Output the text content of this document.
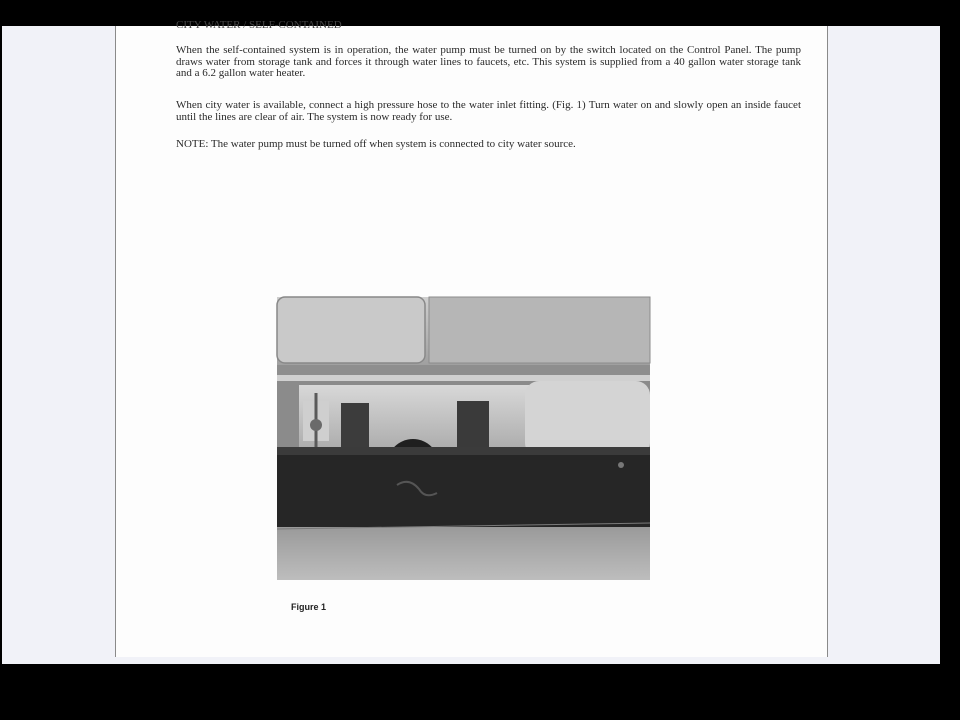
CITY WATER / SELF-CONTAINED

When the self-contained system is in operation, the water pump must be turned on by the switch located on the Control Panel. The pump draws water from storage tank and forces it through water lines to faucets, etc. This system is supplied from a 40 gallon water storage tank and a 6.2 gallon water heater.

When city water is available, connect a high pressure hose to the water inlet fitting. (Fig. 1) Turn water on and slowly open an inside faucet until the lines are clear of air. The system is now ready for use.

NOTE: The water pump must be turned off when system is connected to city water source.

Figure 1
